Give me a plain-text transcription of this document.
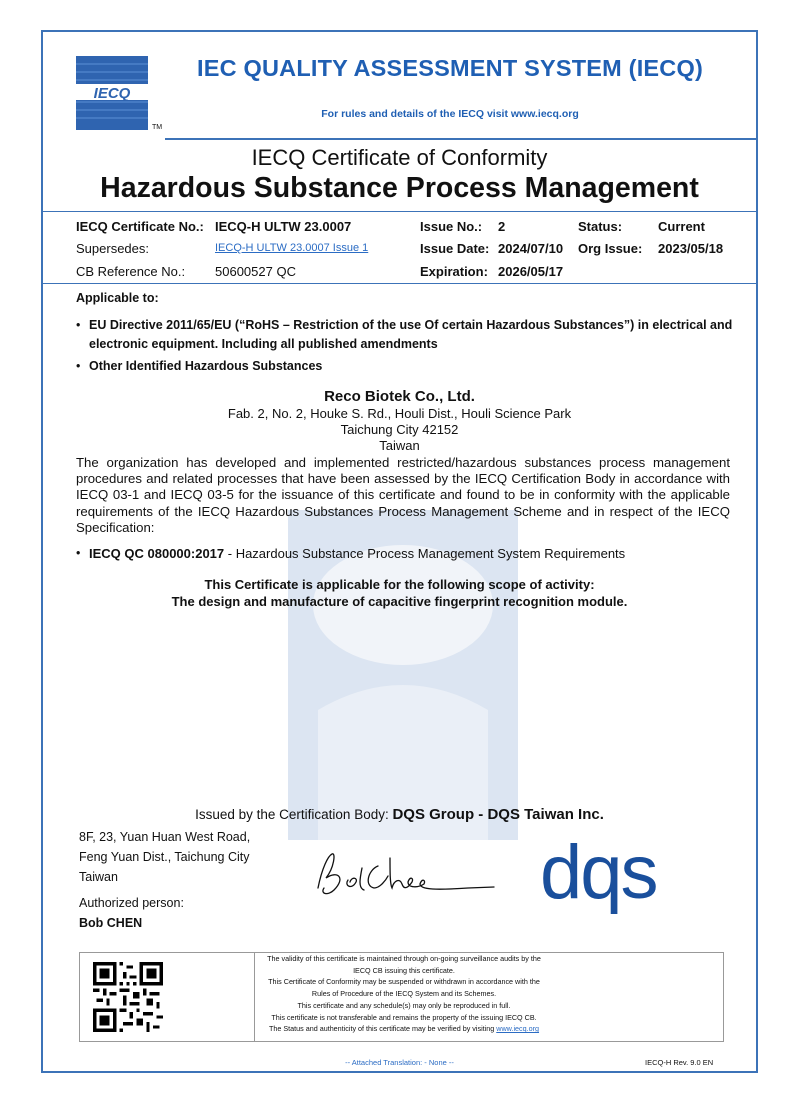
IECQ
TM
IEC QUALITY ASSESSMENT SYSTEM (IECQ)
For rules and details of the IECQ visit www.iecq.org
IECQ Certificate of Conformity
Hazardous Substance Process Management
IECQ Certificate No.: IECQ-H ULTW 23.0007
Supersedes:	IECQ-H ULTW 23.0007 Issue 1
CB Reference No.: 50600527 QC
Issue No.: 2
Issue Date: 2024/07/10
Expiration: 2026/05/17
Status:	Current
Org Issue: 2023/05/18
Applicable to:
• EU Directive 2011/65/EU (“RoHS – Restriction of the use Of certain Hazardous Substances”) in electrical and
electronic equipment. Including all published amendments
• Other Identified Hazardous Substances
Reco Biotek Co., Ltd.
Fab. 2, No. 2, Houke S. Rd., Houli Dist., Houli Science Park
Taichung City 42152
Taiwan
The organization has developed and implemented restricted/hazardous substances process management
procedures and related processes that have been assessed by the IECQ Certification Body in accordance with
IECQ 03-1 and IECQ 03-5 for the issuance of this certificate and found to be in conformity with the applicable
requirements of the IECQ Hazardous Substances Process Management Scheme and in respect of the IECQ
Specification:
• IECQ QC 080000:2017 - Hazardous Substance Process Management System Requirements
This Certificate is applicable for the following scope of activity:
The design and manufacture of capacitive fingerprint recognition module.
Issued by the Certification Body: DQS Group - DQS Taiwan Inc.
8F, 23, Yuan Huan West Road,
Feng Yuan Dist., Taichung City
Taiwan
Authorized person:
Bob CHEN
dqs
The validity of this certificate is maintained through on-going surveillance audits by the
IECQ CB issuing this certificate.
This Certificate of Conformity may be suspended or withdrawn in accordance with the
Rules of Procedure of the IECQ System and its Schemes.
This certificate and any schedule(s) may only be reproduced in full.
This certificate is not transferable and remains the property of the issuing IECQ CB.
The Status and authenticity of this certificate may be verified by visiting www.iecq.org
-- Attached Translation: - None --	IECQ-H Rev. 9.0 EN
